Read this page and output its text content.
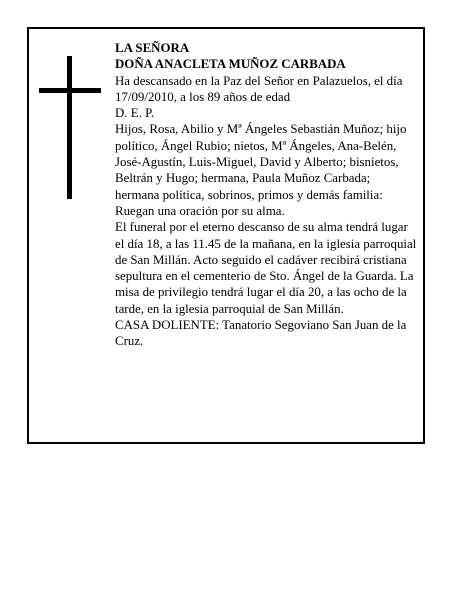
LA SEÑORA

DOÑA ANACLETA MUÑOZ CARBADA

Ha descansado en la Paz del Señor en Palazuelos, el día 17/09/2010, a los 89 años de edad

D. E. P.

Hijos, Rosa, Abilio y Mª Ángeles Sebastián Muñoz; hijo político, Ángel Rubio; nietos, Mª Ángeles, Ana-Belén, José-Agustín, Luis-Miguel, David y Alberto; bisnietos, Beltrán y Hugo; hermana, Paula Muñoz Carbada; hermana política, sobrinos, primos y demás familia:

Ruegan una oración por su alma.

El funeral por el eterno descanso de su alma tendrá lugar el día 18, a las 11.45 de la mañana, en la iglesia parroquial de San Millán. Acto seguido el cadáver recibirá cristiana sepultura en el cementerio de Sto. Ángel de la Guarda. La misa de privilegio tendrá lugar el día 20, a las ocho de la tarde, en la iglesia parroquial de San Millán.

CASA DOLIENTE: Tanatorio Segoviano San Juan de la Cruz.
